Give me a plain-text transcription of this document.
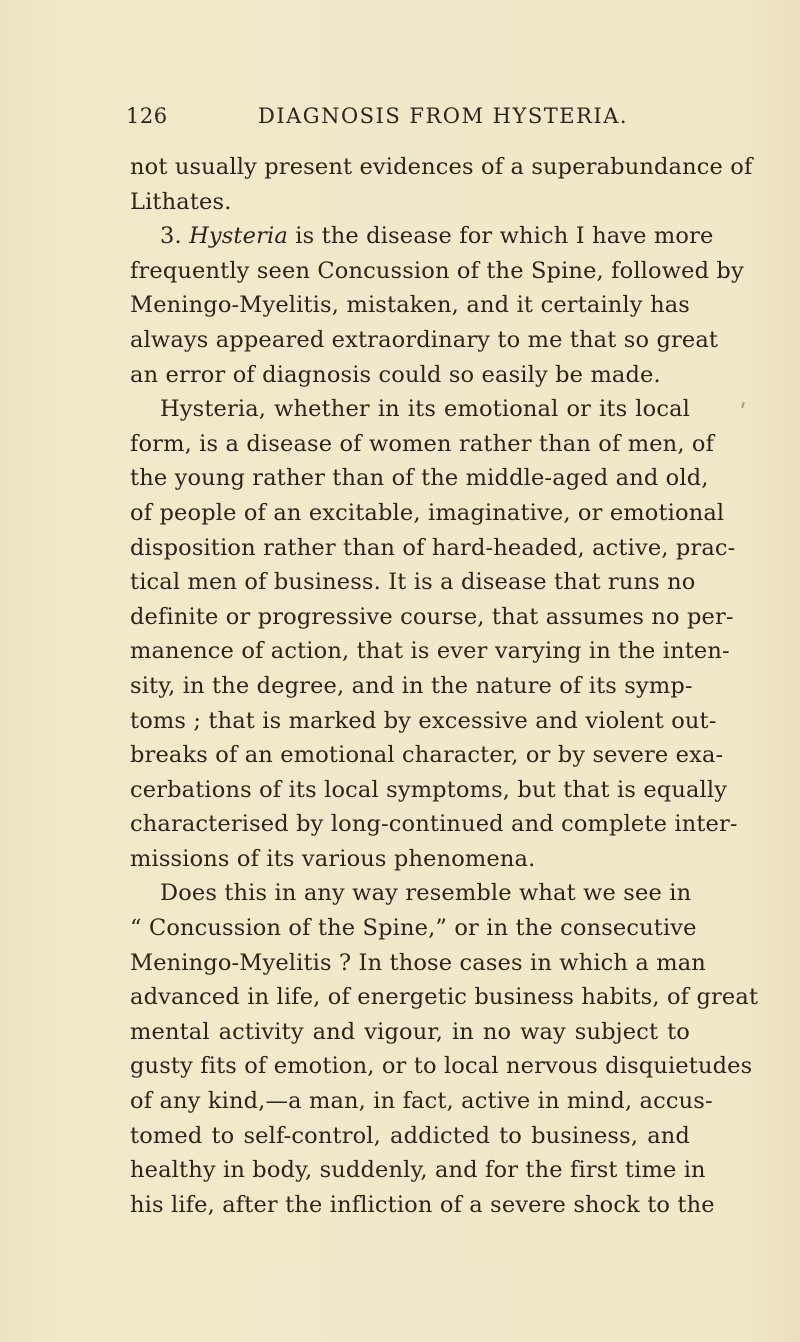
126	DIAGNOSIS FROM HYSTERIA.
not usually present evidences of a superabundance of
Lithates.
3. Hysteria is the disease for which I have more
frequently seen Concussion of the Spine, followed by
Meningo-Myelitis, mistaken, and it certainly has
always appeared extraordinary to me that so great
an error of diagnosis could so easily be made.
Hysteria, whether in its emotional or its local
form, is a disease of women rather than of men, of
the young rather than of the middle-aged and old,
of people of an excitable, imaginative, or emotional
disposition rather than of hard-headed, active, prac-
tical men of business. It is a disease that runs no
definite or progressive course, that assumes no per-
manence of action, that is ever varying in the inten-
sity, in the degree, and in the nature of its symp-
toms ; that is marked by excessive and violent out-
breaks of an emotional character, or by severe exa-
cerbations of its local symptoms, but that is equally
characterised by long-continued and complete inter-
missions of its various phenomena.
Does this in any way resemble what we see in
“ Concussion of the Spine,” or in the consecutive
Meningo-Myelitis ? In those cases in which a man
advanced in life, of energetic business habits, of great
mental activity and vigour, in no way subject to
gusty fits of emotion, or to local nervous disquietudes
of any kind,—a man, in fact, active in mind, accus-
tomed to self-control, addicted to business, and
healthy in body, suddenly, and for the first time in
his life, after the infliction of a severe shock to the
